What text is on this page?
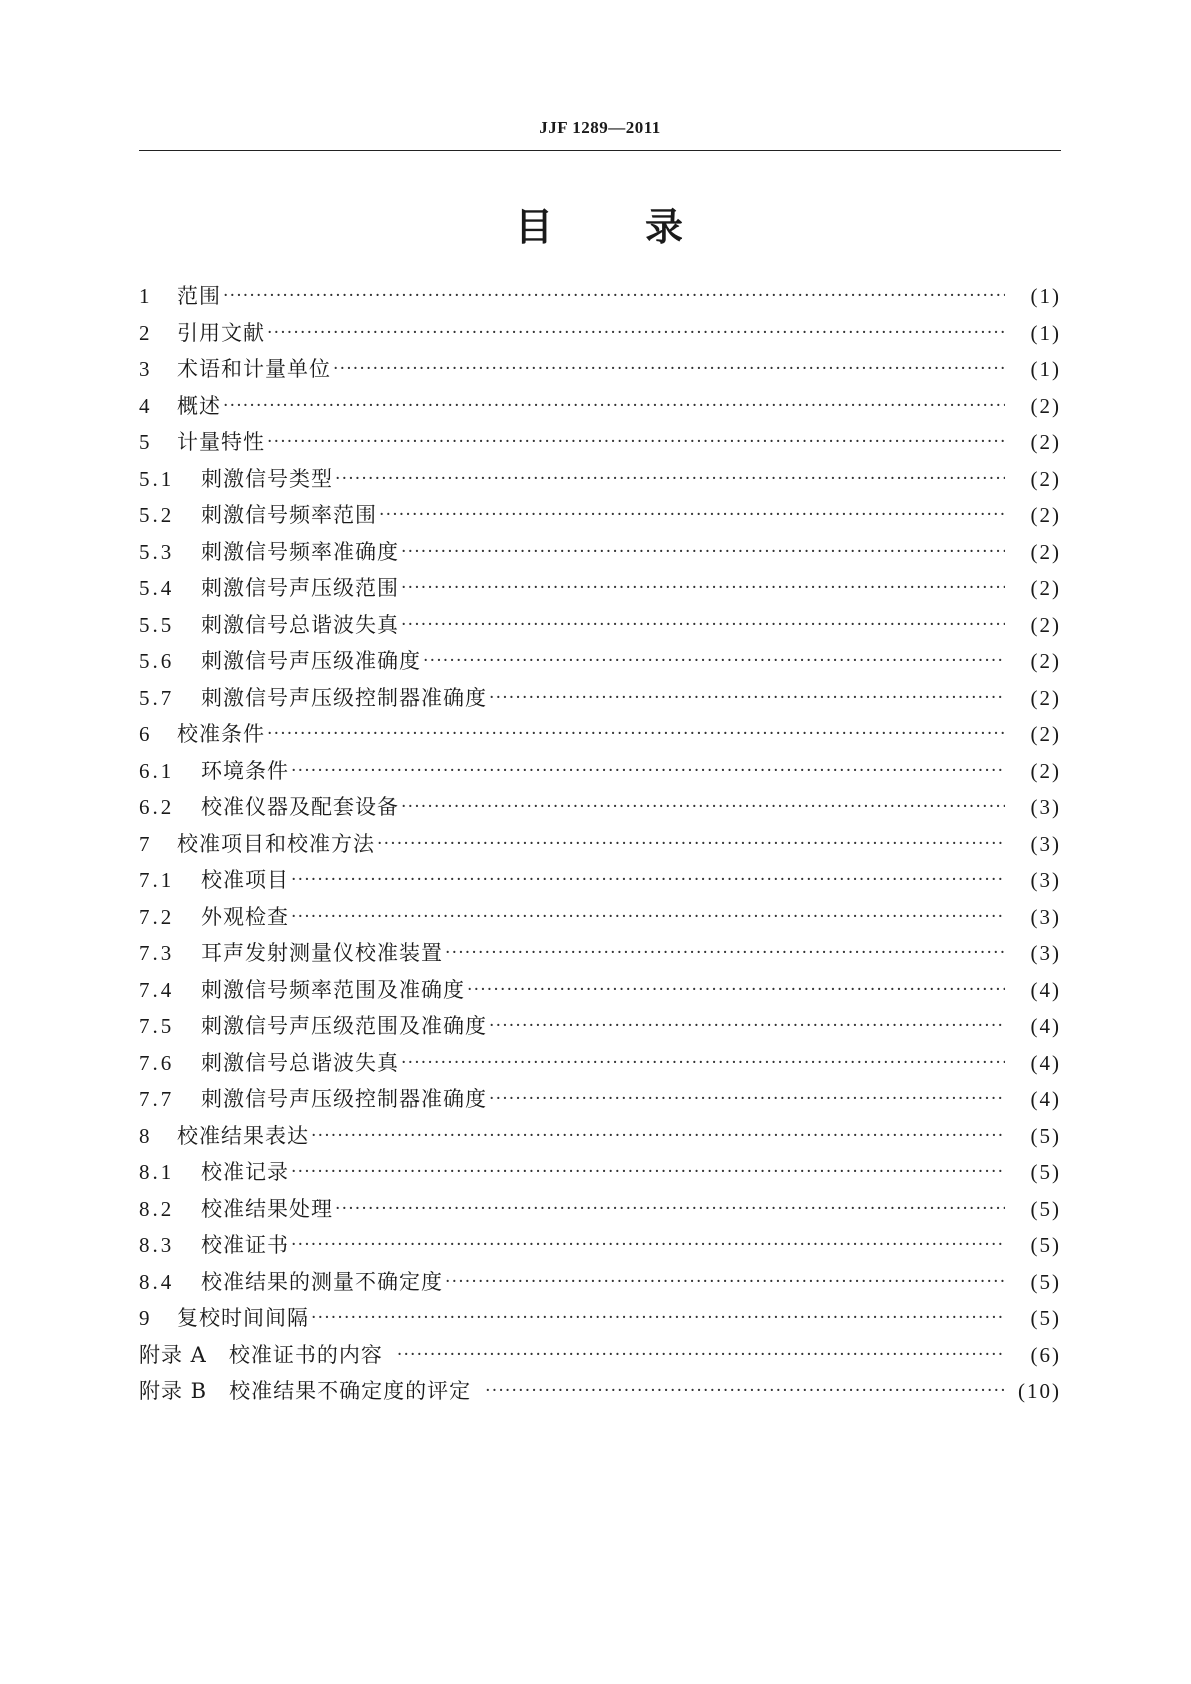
JJF 1289—2011
目 录
1	范围 ·····	(1)
2	引用文献 ·····	(1)
3	术语和计量单位 ·····	(1)
4	概述 ·····	(2)
5	计量特性 ·····	(2)
5.1	刺激信号类型 ·····	(2)
5.2	刺激信号频率范围 ·····	(2)
5.3	刺激信号频率准确度 ·····	(2)
5.4	刺激信号声压级范围 ·····	(2)
5.5	刺激信号总谐波失真 ·····	(2)
5.6	刺激信号声压级准确度 ·····	(2)
5.7	刺激信号声压级控制器准确度 ·····	(2)
6	校准条件 ·····	(2)
6.1	环境条件 ·····	(2)
6.2	校准仪器及配套设备 ·····	(3)
7	校准项目和校准方法 ·····	(3)
7.1	校准项目 ·····	(3)
7.2	外观检查 ·····	(3)
7.3	耳声发射测量仪校准装置 ·····	(3)
7.4	刺激信号频率范围及准确度 ·····	(4)
7.5	刺激信号声压级范围及准确度 ·····	(4)
7.6	刺激信号总谐波失真 ·····	(4)
7.7	刺激信号声压级控制器准确度 ·····	(4)
8	校准结果表达 ·····	(5)
8.1	校准记录 ·····	(5)
8.2	校准结果处理 ·····	(5)
8.3	校准证书 ·····	(5)
8.4	校准结果的测量不确定度 ·····	(5)
9	复校时间间隔 ·····	(5)
附录 A 校准证书的内容 ·····	(6)
附录 B 校准结果不确定度的评定 ·····	(10)
